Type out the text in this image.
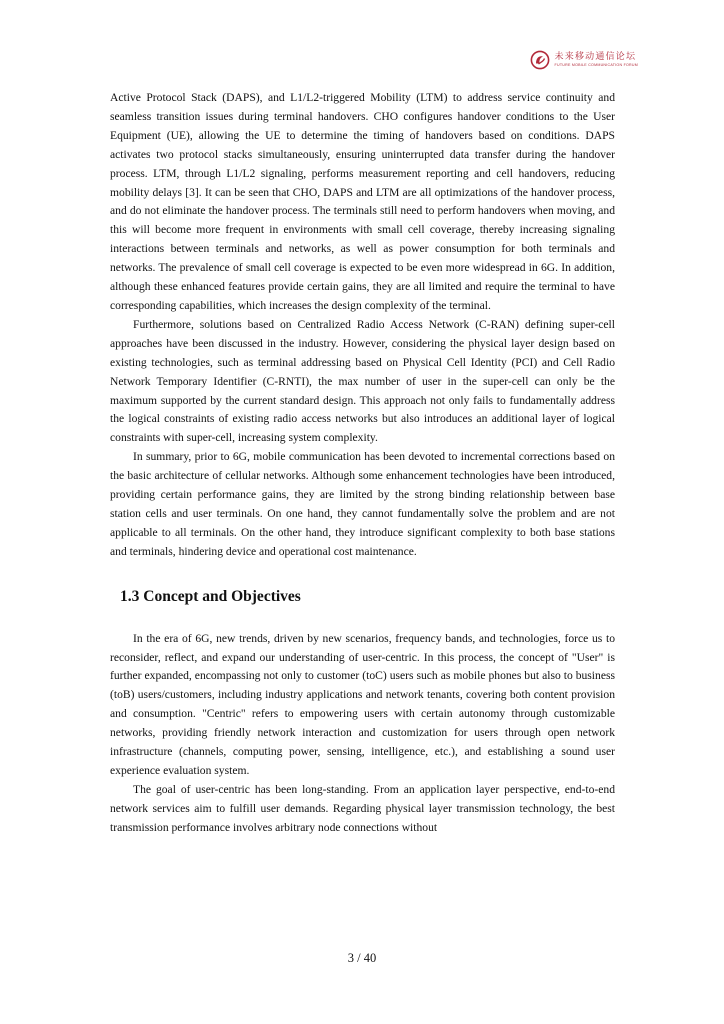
未来移动通信论坛
FUTURE MOBILE COMMUNICATION FORUM

Active Protocol Stack (DAPS), and L1/L2-triggered Mobility (LTM) to address service continuity and seamless transition issues during terminal handovers. CHO configures handover conditions to the User Equipment (UE), allowing the UE to determine the timing of handovers based on conditions. DAPS activates two protocol stacks simultaneously, ensuring uninterrupted data transfer during the handover process. LTM, through L1/L2 signaling, performs measurement reporting and cell handovers, reducing mobility delays [3]. It can be seen that CHO, DAPS and LTM are all optimizations of the handover process, and do not eliminate the handover process. The terminals still need to perform handovers when moving, and this will become more frequent in environments with small cell coverage, thereby increasing signaling interactions between terminals and networks, as well as power consumption for both terminals and networks. The prevalence of small cell coverage is expected to be even more widespread in 6G. In addition, although these enhanced features provide certain gains, they are all limited and require the terminal to have corresponding capabilities, which increases the design complexity of the terminal.

Furthermore, solutions based on Centralized Radio Access Network (C-RAN) defining super-cell approaches have been discussed in the industry. However, considering the physical layer design based on existing technologies, such as terminal addressing based on Physical Cell Identity (PCI) and Cell Radio Network Temporary Identifier (C-RNTI), the max number of user in the super-cell can only be the maximum supported by the current standard design. This approach not only fails to fundamentally address the logical constraints of existing radio access networks but also introduces an additional layer of logical constraints with super-cell, increasing system complexity.

In summary, prior to 6G, mobile communication has been devoted to incremental corrections based on the basic architecture of cellular networks. Although some enhancement technologies have been introduced, providing certain performance gains, they are limited by the strong binding relationship between base station cells and user terminals. On one hand, they cannot fundamentally solve the problem and are not applicable to all terminals. On the other hand, they introduce significant complexity to both base stations and terminals, hindering device and operational cost maintenance.

1.3 Concept and Objectives

In the era of 6G, new trends, driven by new scenarios, frequency bands, and technologies, force us to reconsider, reflect, and expand our understanding of user-centric. In this process, the concept of "User" is further expanded, encompassing not only to customer (toC) users such as mobile phones but also to business (toB) users/customers, including industry applications and network tenants, covering both content provision and consumption. "Centric" refers to empowering users with certain autonomy through customizable networks, providing friendly network interaction and customization for users through open network infrastructure (channels, computing power, sensing, intelligence, etc.), and establishing a sound user experience evaluation system.

The goal of user-centric has been long-standing. From an application layer perspective, end-to-end network services aim to fulfill user demands. Regarding physical layer transmission technology, the best transmission performance involves arbitrary node connections without

3 / 40
